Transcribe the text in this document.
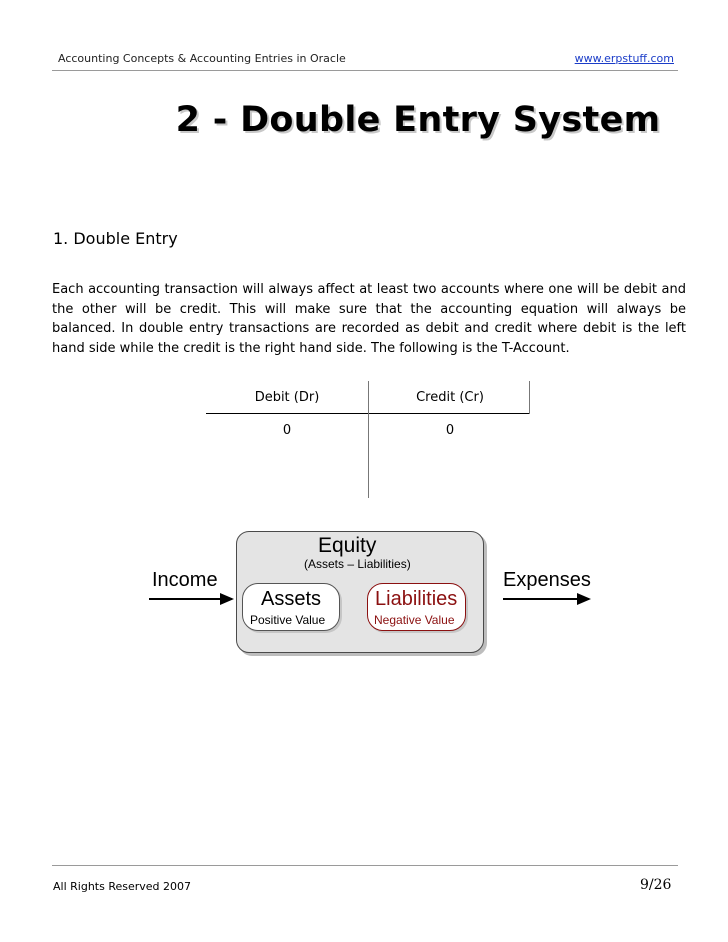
Accounting Concepts & Accounting Entries in Oracle	www.erpstuff.com
2 - Double Entry System
1. Double Entry
Each accounting transaction will always affect at least two accounts where one will be debit and the other will be credit. This will make sure that the accounting equation will always be balanced. In double entry transactions are recorded as debit and credit where debit is the left hand side while the credit is the right hand side. The following is the T-Account.
Debit (Dr)	Credit (Cr)
0	0
Equity
(Assets – Liabilities)
Assets
Positive Value
Liabilities
Negative Value
Income	Expenses
All Rights Reserved 2007	9/26
